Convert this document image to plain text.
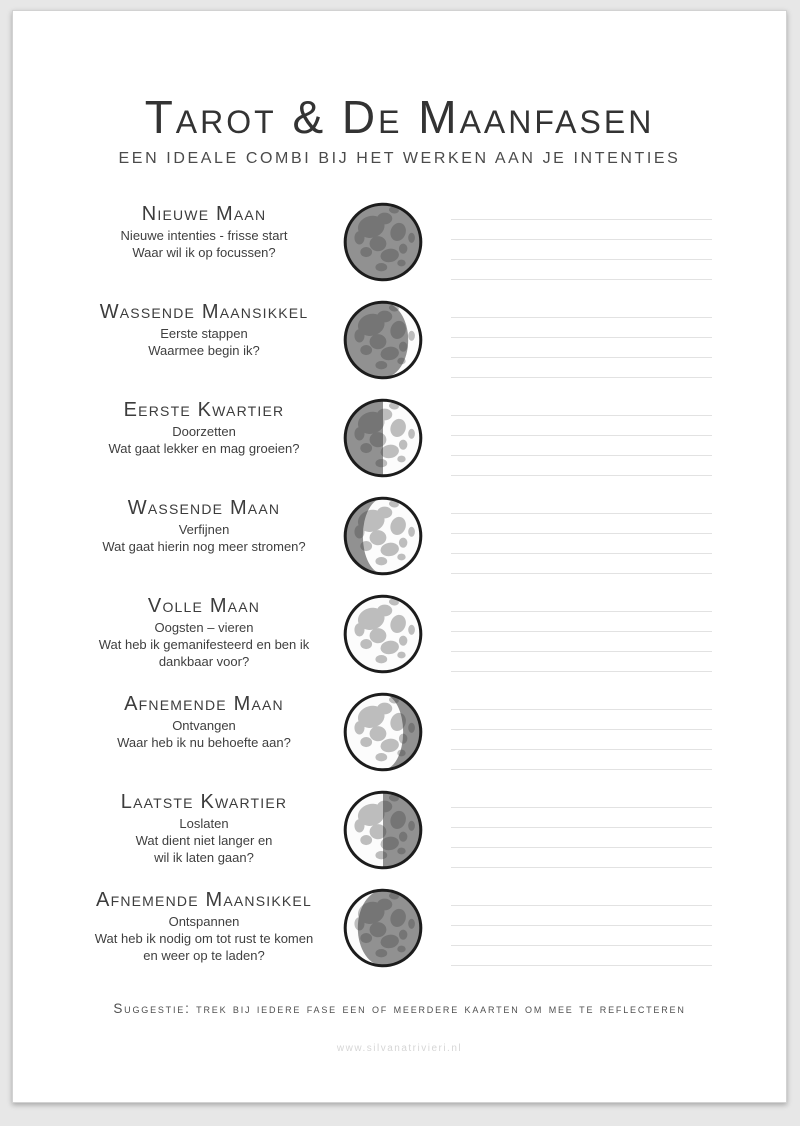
Tarot & De Maanfasen
EEN IDEALE COMBI BIJ HET WERKEN AAN JE INTENTIES
Nieuwe Maan
Nieuwe intenties - frisse start
Waar wil ik op focussen?
Wassende Maansikkel
Eerste stappen
Waarmee begin ik?
Eerste Kwartier
Doorzetten
Wat gaat lekker en mag groeien?
Wassende Maan
Verfijnen
Wat gaat hierin nog meer stromen?
Volle Maan
Oogsten – vieren
Wat heb ik gemanifesteerd en ben ik
dankbaar voor?
Afnemende Maan
Ontvangen
Waar heb ik nu behoefte aan?
Laatste Kwartier
Loslaten
Wat dient niet langer en
wil ik laten gaan?
Afnemende Maansikkel
Ontspannen
Wat heb ik nodig om tot rust te komen
en weer op te laden?
Suggestie: trek bij iedere fase een of meerdere kaarten om mee te reflecteren
www.silvanatrivieri.nl
